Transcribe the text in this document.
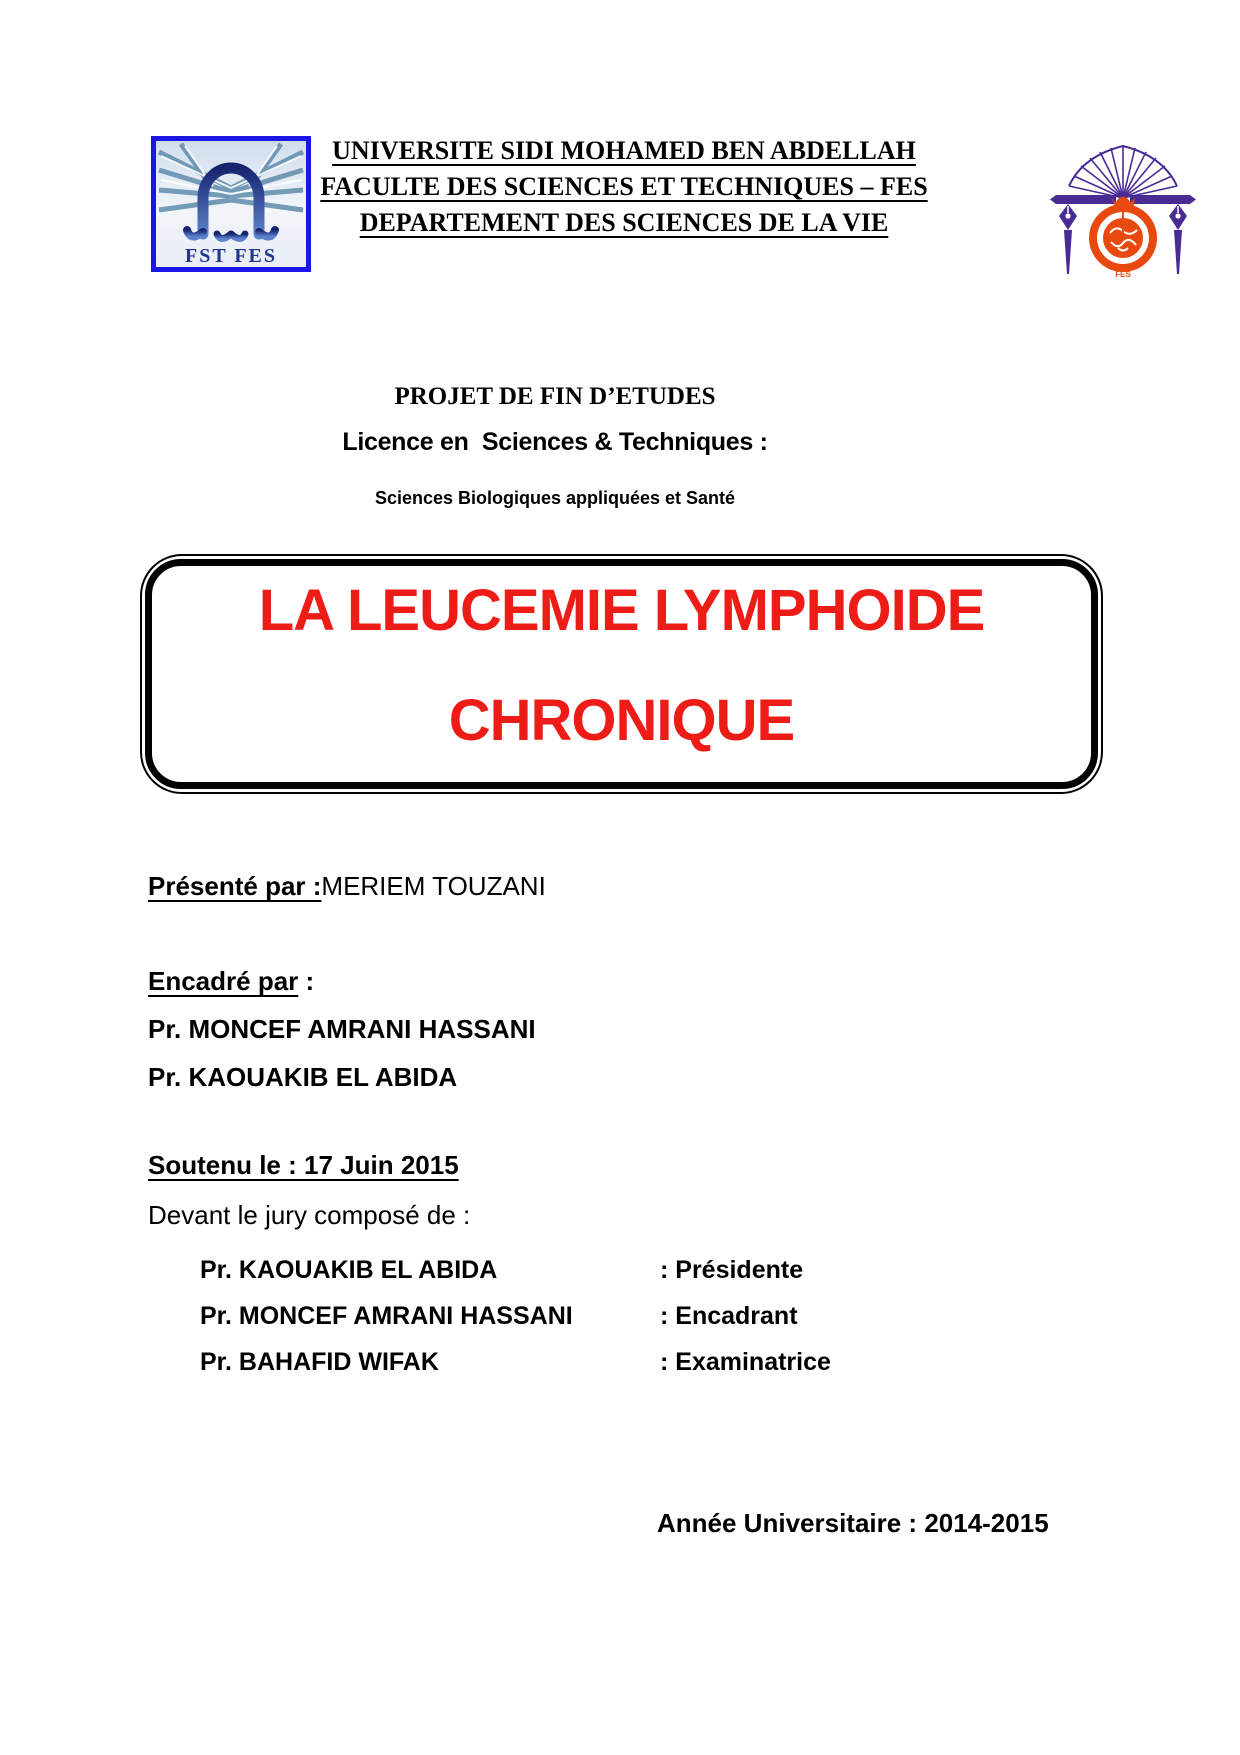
FST FES
UNIVERSITE SIDI MOHAMED BEN ABDELLAH
FACULTE DES SCIENCES ET TECHNIQUES – FES
DEPARTEMENT DES SCIENCES DE LA VIE
FES
PROJET DE FIN D’ETUDES
Licence en  Sciences & Techniques :
Sciences Biologiques appliquées et Santé
LA LEUCEMIE LYMPHOIDE
CHRONIQUE
Présenté par :MERIEM TOUZANI
Encadré par :
Pr. MONCEF AMRANI HASSANI
Pr. KAOUAKIB EL ABIDA
Soutenu le : 17 Juin 2015
Devant le jury composé de :
Pr. KAOUAKIB EL ABIDA	: Présidente
Pr. MONCEF AMRANI HASSANI	: Encadrant
Pr. BAHAFID WIFAK	: Examinatrice
Année Universitaire : 2014-2015
